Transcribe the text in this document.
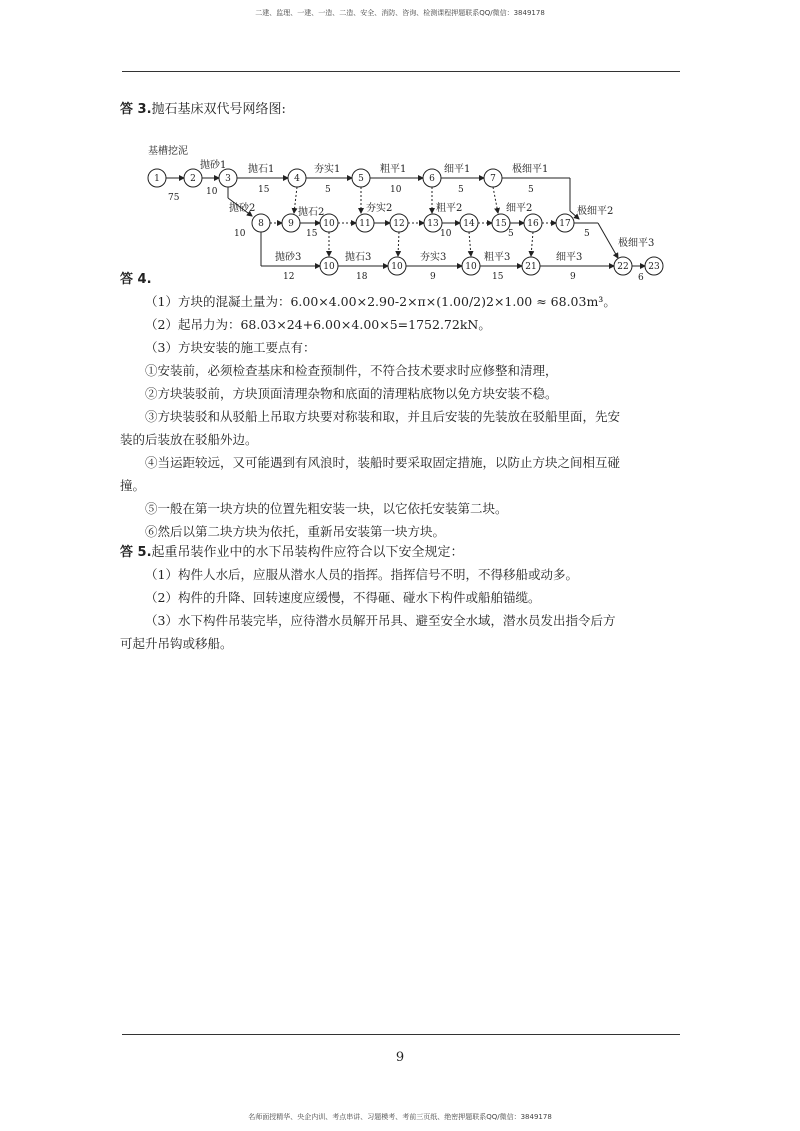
二建、监理、一建、一造、二造、安全、消防、咨询、检测课程押题联系QQ/微信：3849178

答 3.抛石基床双代号网络图:

1	2	3	4	5	6	7
8	9	10	11	12	13	14 15 16 17
10	10	10	21	22 23
基槽挖泥
75
抛砂1
10
抛石1
15
夯实1
5
粗平1
10
细平1
5
极细平1
5
抛砂2
10
抛石2
15
夯实2	粗平2
10
细平2
5
极细平2
5
抛砂3
12
抛石3
18
夯实3
9
粗平3
15
细平3
9
极细平3
6

答 4.

（1）方块的混凝土量为：6.00×4.00×2.90-2×π×(1.00/2)2×1.00 ≈ 68.03m³。

（2）起吊力为：68.03×24+6.00×4.00×5=1752.72kN。

（3）方块安装的施工要点有：

①安装前，必须检查基床和检查预制件，不符合技术要求时应修整和清理，

②方块装驳前，方块顶面清理杂物和底面的清理粘底物以免方块安装不稳。

③方块装驳和从驳船上吊取方块要对称装和取，并且后安装的先装放在驳船里面，先安

装的后装放在驳船外边。

④当运距较远，又可能遇到有风浪时，装船时要采取固定措施，以防止方块之间相互碰

撞。

⑤一般在第一块方块的位置先粗安装一块，以它依托安装第二块。

⑥然后以第二块方块为依托，重新吊安装第一块方块。

答 5.起重吊装作业中的水下吊装构件应符合以下安全规定：

（1）构件人水后，应服从潜水人员的指挥。指挥信号不明，不得移船或动多。

（2）构件的升降、回转速度应缓慢，不得砸、碰水下构件或船舶锚缆。

（3）水下构件吊装完毕，应待潜水员解开吊具、避至安全水域，潜水员发出指令后方

可起升吊钩或移船。

9
名师面授精华、央企内训、考点串讲、习题模考、考前三页纸、绝密押题联系QQ/微信：3849178
